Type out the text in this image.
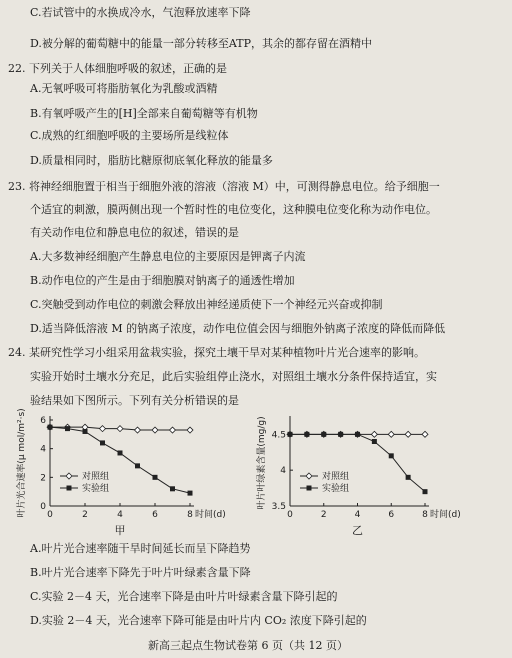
C.若试管中的水换成冷水，气泡释放速率下降
D.被分解的葡萄糖中的能量一部分转移至ATP，其余的都存留在酒精中
22. 下列关于人体细胞呼吸的叙述，正确的是
A.无氧呼吸可将脂肪氧化为乳酸或酒精
B.有氧呼吸产生的[H]全部来自葡萄糖等有机物
C.成熟的红细胞呼吸的主要场所是线粒体
D.质量相同时，脂肪比糖原彻底氧化释放的能量多
23. 将神经细胞置于相当于细胞外液的溶液（溶液 M）中，可测得静息电位。给予细胞一
个适宜的刺激，膜两侧出现一个暂时性的电位变化，这种膜电位变化称为动作电位。
有关动作电位和静息电位的叙述，错误的是
A.大多数神经细胞产生静息电位的主要原因是钾离子内流
B.动作电位的产生是由于细胞膜对钠离子的通透性增加
C.突触受到动作电位的刺激会释放出神经递质使下一个神经元兴奋或抑制
D.适当降低溶液 M 的钠离子浓度，动作电位值会因与细胞外钠离子浓度的降低而降低
24. 某研究性学习小组采用盆栽实验，探究土壤干旱对某种植物叶片光合速率的影响。
实验开始时土壤水分充足，此后实验组停止浇水，对照组土壤水分条件保持适宜，实
验结果如下图所示。下列有关分析错误的是
0	2	4	6	8
0
2
4
6
时间(d)
叶片光合速率(μ mol/m²·s)
甲
对照组
实验组
0	2	4	6	8
3.5
4
4.5
时间(d)
叶片叶绿素含量(mg/g)
乙
对照组
实验组
A.叶片光合速率随干旱时间延长而呈下降趋势
B.叶片光合速率下降先于叶片叶绿素含量下降
C.实验 2－4 天，光合速率下降是由叶片叶绿素含量下降引起的
D.实验 2－4 天，光合速率下降可能是由叶片内 CO₂ 浓度下降引起的
新高三起点生物试卷第 6 页（共 12 页）
